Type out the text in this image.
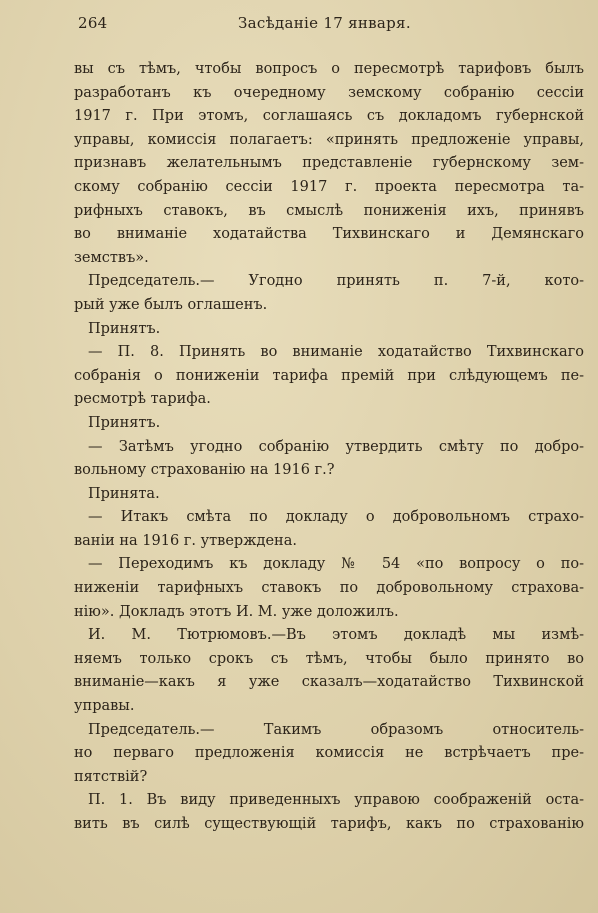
264	Засѣданіе 17 января.
вы съ тѣмъ, чтобы вопросъ о пересмотрѣ тарифовъ былъ
разработанъ къ очередному земскому собранію сессіи
1917 г. При этомъ, соглашаясь съ докладомъ губернской
управы, комиссія полагаетъ: «принять предложеніе управы,
признавъ желательнымъ представленіе губернскому зем-
скому собранію сессіи 1917 г. проекта пересмотра та-
рифныхъ ставокъ, въ смыслѣ пониженія ихъ, принявъ
во вниманіе ходатайства Тихвинскаго и Демянскаго
земствъ».
Председатель.— Угодно принять п. 7-й, кото-
рый уже былъ оглашенъ.
Принятъ.
— П. 8. Принять во вниманіе ходатайство Тихвинскаго
собранія о пониженіи тарифа премій при слѣдующемъ пе-
ресмотрѣ тарифа.
Принятъ.
— Затѣмъ угодно собранію утвердить смѣту по добро-
вольному страхованію на 1916 г.?
Принята.
— Итакъ смѣта по докладу о добровольномъ страхо-
ваніи на 1916 г. утверждена.
— Переходимъ къ докладу № 54 «по вопросу о по-
ниженіи тарифныхъ ставокъ по добровольному страхова-
нію». Докладъ этотъ И. М. уже доложилъ.
И. М. Тютрюмовъ.—Въ этомъ докладѣ мы измѣ-
няемъ только срокъ съ тѣмъ, чтобы было принято во
вниманіе—какъ я уже сказалъ—ходатайство Тихвинской
управы.
Председатель.— Такимъ образомъ относитель-
но перваго предложенія комиссія не встрѣчаетъ пре-
пятствій?
П. 1. Въ виду приведенныхъ управою соображеній оста-
вить въ силѣ существующій тарифъ, какъ по страхованію
